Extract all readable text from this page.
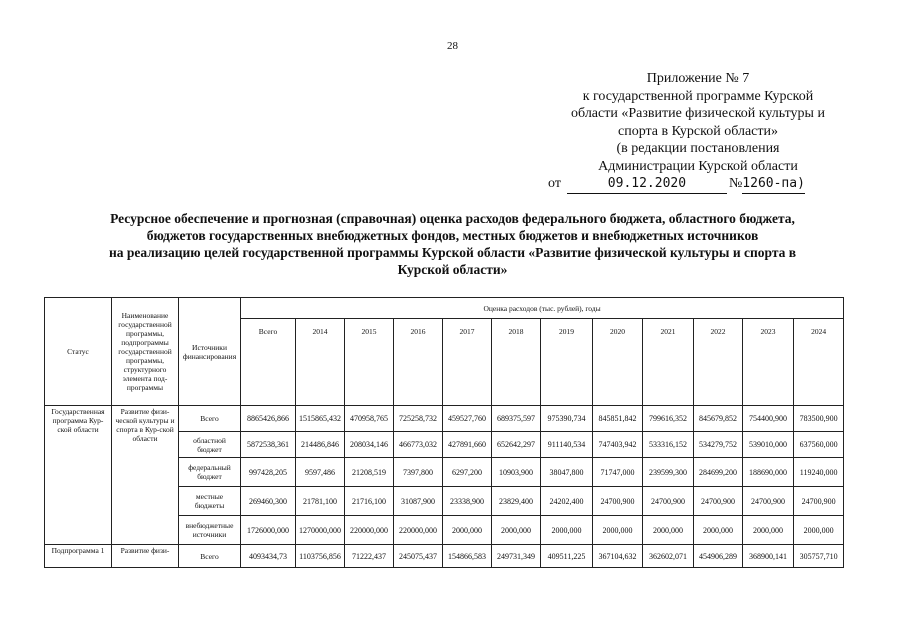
28
Приложение № 7
к государственной программе Курской
области «Развитие физической культуры и
спорта в Курской области»
(в редакции постановления
Администрации Курской области
от	09.12.2020	№ 1260-па)
Ресурсное обеспечение и прогнозная (справочная) оценка расходов федерального бюджета, областного бюджета,
бюджетов государственных внебюджетных фондов, местных бюджетов и внебюджетных источников
на реализацию целей государственной программы Курской области «Развитие физической культуры и спорта в
Курской области»
Статус	Наименование государственной программы, подпрограммы государственной программы, структурного элемента под-программы	Источники финансирования	Оценка расходов (тыс. рублей), годы											
			Всего	2014	2015	2016	2017	2018	2019	2020	2021	2022	2023	2024
Государственная программа Кур-ской области	Развитие физи-ческой культуры и спорта в Кур-ской области	Всего	8865426,866	1515865,432	470958,765	725258,732	459527,760	689375,597	975390,734	845851,842	799616,352	845679,852	754400,900	783500,900
		областной бюджет	5872538,361	214486,846	208034,146	466773,032	427891,660	652642,297	911140,534	747403,942	533316,152	534279,752	539010,000	637560,000
		федеральный бюджет	997428,205	9597,486	21208,519	7397,800	6297,200	10903,900	38047,800	71747,000	239599,300	284699,200	188690,000	119240,000
		местные бюджеты	269460,300	21781,100	21716,100	31087,900	23338,900	23829,400	24202,400	24700,900	24700,900	24700,900	24700,900	24700,900
		внебюджетные источники	1726000,000	1270000,000	220000,000	220000,000	2000,000	2000,000	2000,000	2000,000	2000,000	2000,000	2000,000	2000,000
Подпрограмма 1	Развитие физи-	Всего	4093434,73	1103756,856	71222,437	245075,437	154866,583	249731,349	409511,225	367104,632	362602,071	454906,289	368900,141	305757,710
